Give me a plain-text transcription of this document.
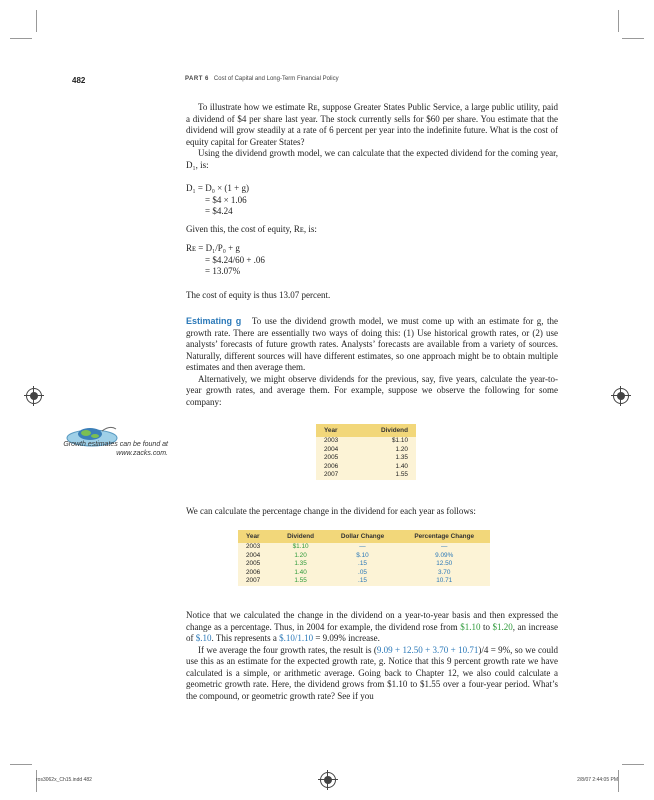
482	PART 6 Cost of Capital and Long-Term Financial Policy

To illustrate how we estimate Rᴇ, suppose Greater States Public Service, a large public utility, paid a dividend of $4 per share last year. The stock currently sells for $60 per share. You estimate that the dividend will grow steadily at a rate of 6 percent per year into the indefinite future. What is the cost of equity capital for Greater States?

Using the dividend growth model, we can calculate that the expected dividend for the coming year, D₁, is:

D₁ = D₀ × (1 + g)
= $4 × 1.06
= $4.24

Given this, the cost of equity, Rᴇ, is:

Rᴇ = D₁/P₀ + g
= $4.24/60 + .06
= 13.07%

The cost of equity is thus 13.07 percent.

Estimating g To use the dividend growth model, we must come up with an estimate for g, the growth rate. There are essentially two ways of doing this: (1) Use historical growth rates, or (2) use analysts’ forecasts of future growth rates. Analysts’ forecasts are available from a variety of sources. Naturally, different sources will have different estimates, so one approach might be to obtain multiple estimates and then average them.

Alternatively, we might observe dividends for the previous, say, five years, calculate the year-to-year growth rates, and average them. For example, suppose we observe the following for some company:

Growth estimates can be found at www.zacks.com.
Year	Dividend
2003	$1.10
2004	1.20
2005	1.35
2006	1.40
2007	1.55

We can calculate the percentage change in the dividend for each year as follows:

Year	Dividend	Dollar Change	Percentage Change
2003	$1.10	—	—
2004	1.20	$.10	9.09%
2005	1.35	.15	12.50
2006	1.40	.05	3.70
2007	1.55	.15	10.71

Notice that we calculated the change in the dividend on a year-to-year basis and then expressed the change as a percentage. Thus, in 2004 for example, the dividend rose from $1.10 to $1.20, an increase of $.10. This represents a $.10/1.10 = 9.09% increase.

If we average the four growth rates, the result is (9.09 + 12.50 + 3.70 + 10.71)/4 = 9%, so we could use this as an estimate for the expected growth rate, g. Notice that this 9 percent growth rate we have calculated is a simple, or arithmetic average. Going back to Chapter 12, we also could calculate a geometric growth rate. Here, the dividend grows from $1.10 to $1.55 over a four-year period. What’s the compound, or geometric growth rate? See if you

ros3062x_Ch15.indd 482	2/8/07 2:44:05 PM
